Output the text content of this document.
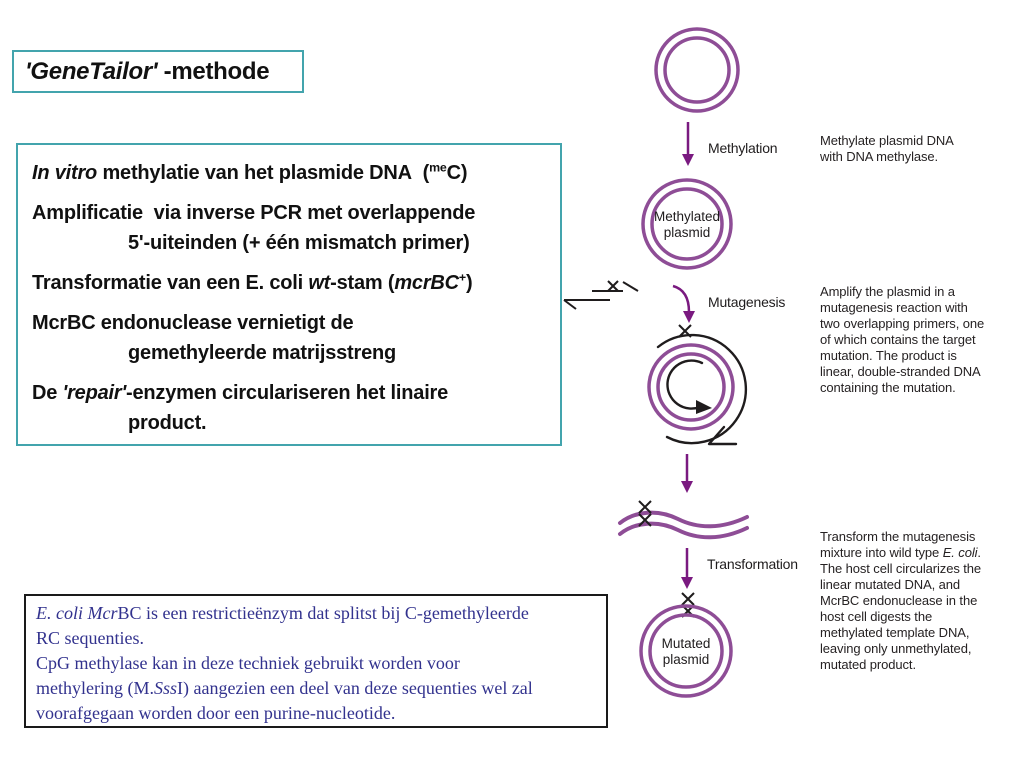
'GeneTailor' -methode
In vitro methylatie van het plasmide DNA  ($^{me}$C)
Amplificatie  via inverse PCR met overlappende
5'-uiteinden (+ één mismatch primer)
Transformatie van een E. coli wt-stam (mcrBC+)
McrBC endonuclease vernietigt de
gemethyleerde matrijsstreng
De 'repair'-enzymen circulariseren het linaire
product.
E. coli McrBC is een restrictieënzym dat splitst bij C-gemethyleerde
RC sequenties.
CpG methylase kan in deze techniek gebruikt worden voor
methylering (M.SssI) aangezien een deel van deze sequenties wel zal
voorafgegaan worden door een purine-nucleotide.
Methylation
Mutagenesis
Transformation
Methylated plasmid
Mutated plasmid
Methylate plasmid DNA
with DNA methylase.
Amplify the plasmid in a
mutagenesis reaction with
two overlapping primers, one
of which contains the target
mutation. The product is
linear, double-stranded DNA
containing the mutation.
Transform the mutagenesis
mixture into wild type E. coli.
The host cell circularizes the
linear mutated DNA, and
McrBC endonuclease in the
host cell digests the
methylated template DNA,
leaving only unmethylated,
mutated product.
